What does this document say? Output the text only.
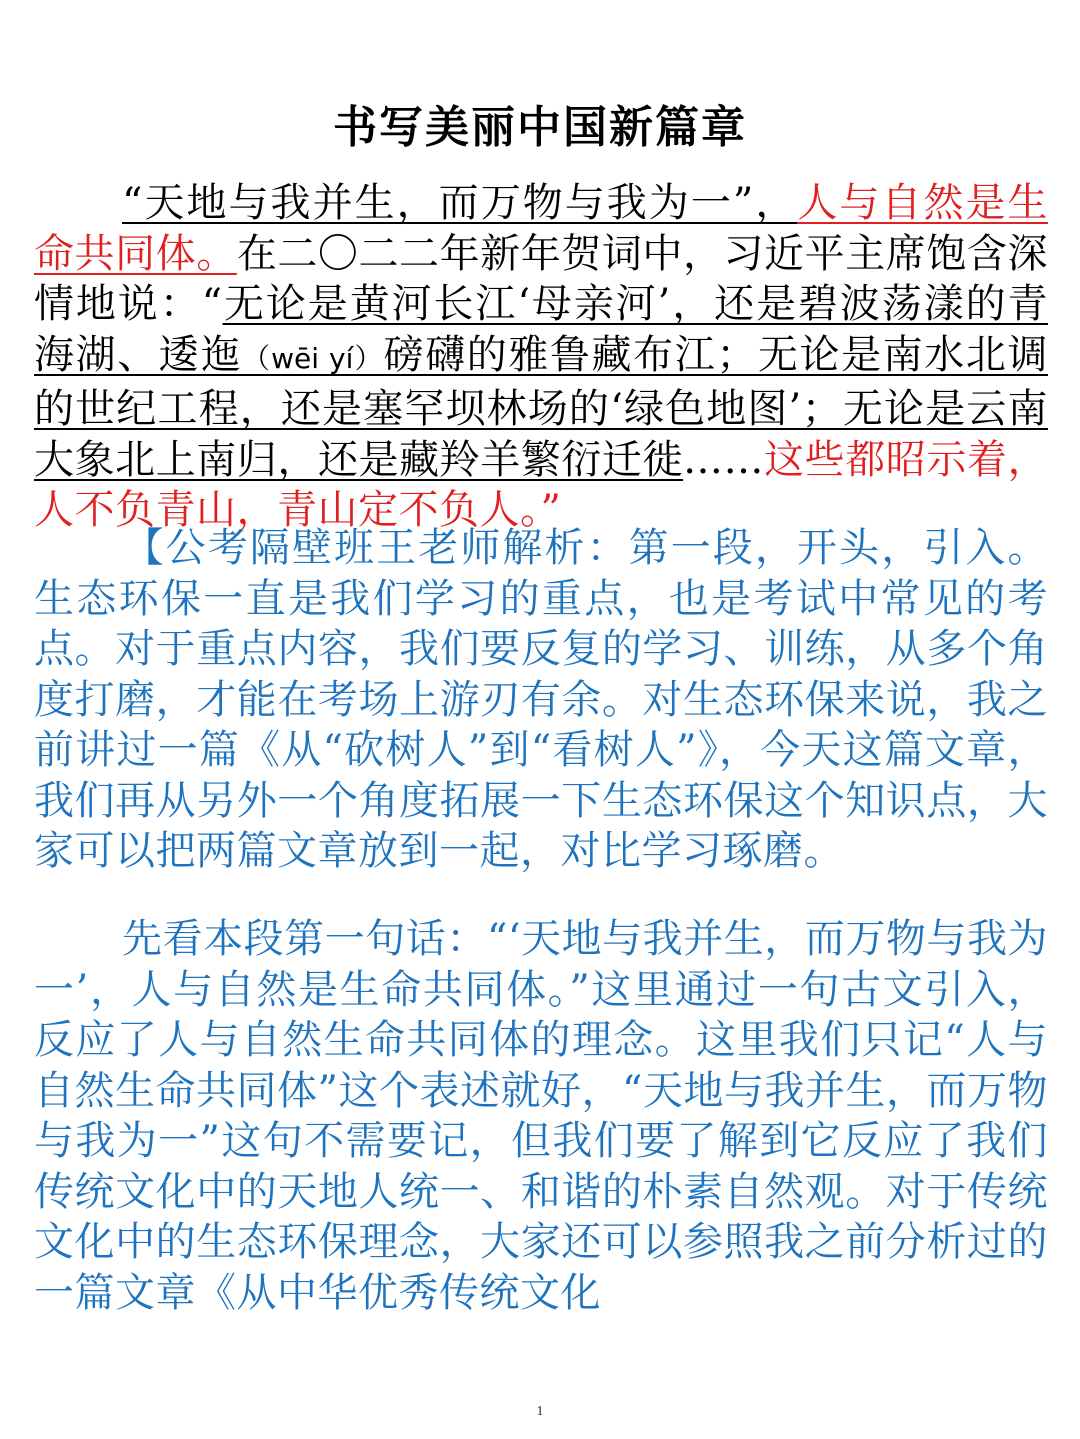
书写美丽中国新篇章
“天地与我并生，而万物与我为一”，人与自然是生命共同体。在二〇二二年新年贺词中，习近平主席饱含深情地说：“无论是黄河长江‘母亲河’，还是碧波荡漾的青海湖、逶迤（wēi yí）磅礴的雅鲁藏布江；无论是南水北调的世纪工程，还是塞罕坝林场的‘绿色地图’；无论是云南大象北上南归，还是藏羚羊繁衍迁徙……这些都昭示着，人不负青山，青山定不负人。”
【公考隔壁班王老师解析：第一段，开头，引入。生态环保一直是我们学习的重点，也是考试中常见的考点。对于重点内容，我们要反复的学习、训练，从多个角度打磨，才能在考场上游刃有余。对生态环保来说，我之前讲过一篇《从“砍树人”到“看树人”》，今天这篇文章，我们再从另外一个角度拓展一下生态环保这个知识点，大家可以把两篇文章放到一起，对比学习琢磨。
先看本段第一句话：“‘天地与我并生，而万物与我为一’，人与自然是生命共同体。”这里通过一句古文引入，反应了人与自然生命共同体的理念。这里我们只记“人与自然生命共同体”这个表述就好，“天地与我并生，而万物与我为一”这句不需要记，但我们要了解到它反应了我们传统文化中的天地人统一、和谐的朴素自然观。对于传统文化中的生态环保理念，大家还可以参照我之前分析过的一篇文章《从中华优秀传统文化
1
